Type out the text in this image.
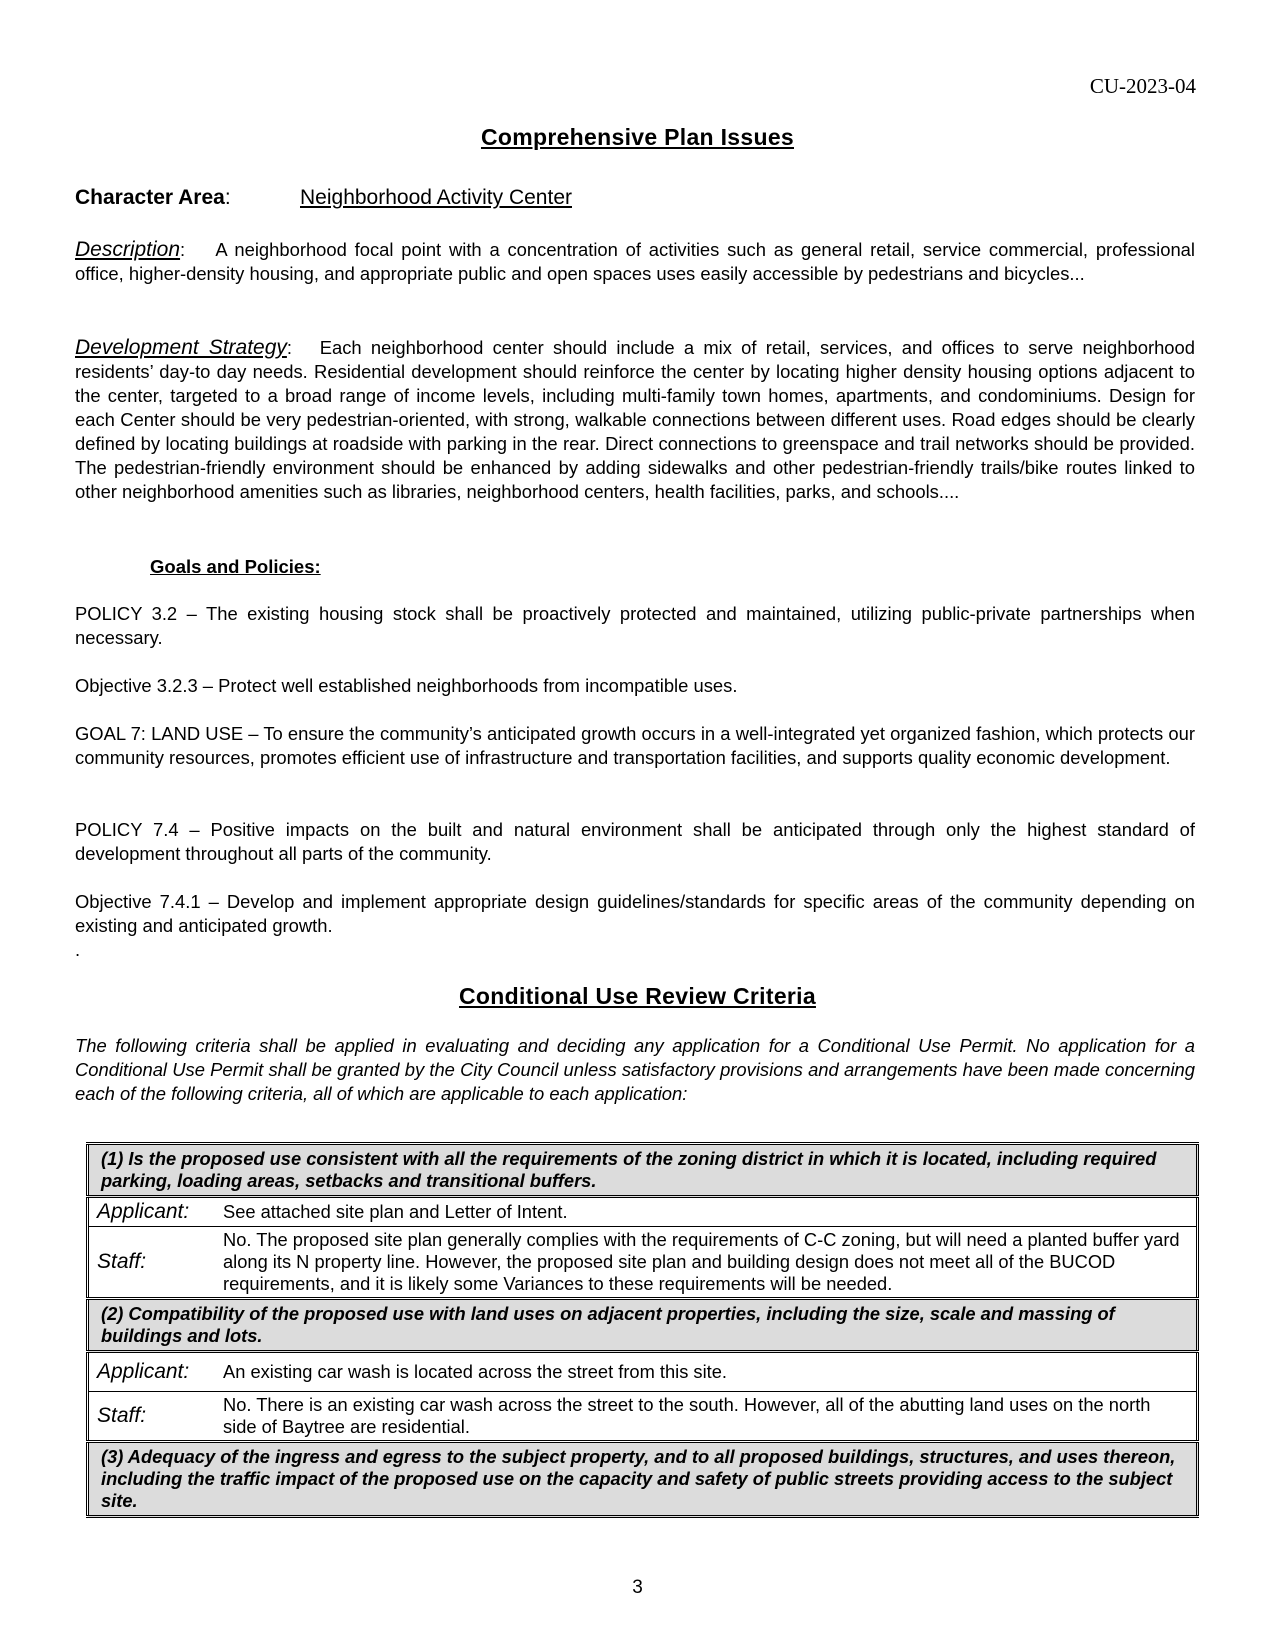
CU-2023-04
Comprehensive Plan Issues
Character Area:	Neighborhood Activity Center
Description: A neighborhood focal point with a concentration of activities such as general retail, service commercial, professional office, higher-density housing, and appropriate public and open spaces uses easily accessible by pedestrians and bicycles...
Development Strategy: Each neighborhood center should include a mix of retail, services, and offices to serve neighborhood residents’ day-to day needs. Residential development should reinforce the center by locating higher density housing options adjacent to the center, targeted to a broad range of income levels, including multi-family town homes, apartments, and condominiums. Design for each Center should be very pedestrian-oriented, with strong, walkable connections between different uses. Road edges should be clearly defined by locating buildings at roadside with parking in the rear. Direct connections to greenspace and trail networks should be provided. The pedestrian-friendly environment should be enhanced by adding sidewalks and other pedestrian-friendly trails/bike routes linked to other neighborhood amenities such as libraries, neighborhood centers, health facilities, parks, and schools....
Goals and Policies:
POLICY 3.2 – The existing housing stock shall be proactively protected and maintained, utilizing public-private partnerships when necessary.
Objective 3.2.3 – Protect well established neighborhoods from incompatible uses.
GOAL 7: LAND USE – To ensure the community’s anticipated growth occurs in a well-integrated yet organized fashion, which protects our community resources, promotes efficient use of infrastructure and transportation facilities, and supports quality economic development.
POLICY 7.4 – Positive impacts on the built and natural environment shall be anticipated through only the highest standard of development throughout all parts of the community.
Objective 7.4.1 – Develop and implement appropriate design guidelines/standards for specific areas of the community depending on existing and anticipated growth.
.
Conditional Use Review Criteria
The following criteria shall be applied in evaluating and deciding any application for a Conditional Use Permit. No application for a Conditional Use Permit shall be granted by the City Council unless satisfactory provisions and arrangements have been made concerning each of the following criteria, all of which are applicable to each application:
(1) Is the proposed use consistent with all the requirements of the zoning district in which it is located, including required parking, loading areas, setbacks and transitional buffers.	
Applicant:	See attached site plan and Letter of Intent.
Staff:	No. The proposed site plan generally complies with the requirements of C-C zoning, but will need a planted buffer yard along its N property line. However, the proposed site plan and building design does not meet all of the BUCOD requirements, and it is likely some Variances to these requirements will be needed.
(2) Compatibility of the proposed use with land uses on adjacent properties, including the size, scale and massing of buildings and lots.	
Applicant:	An existing car wash is located across the street from this site.
Staff:	No. There is an existing car wash across the street to the south. However, all of the abutting land uses on the north side of Baytree are residential.
(3) Adequacy of the ingress and egress to the subject property, and to all proposed buildings, structures, and uses thereon, including the traffic impact of the proposed use on the capacity and safety of public streets providing access to the subject site.	
3
